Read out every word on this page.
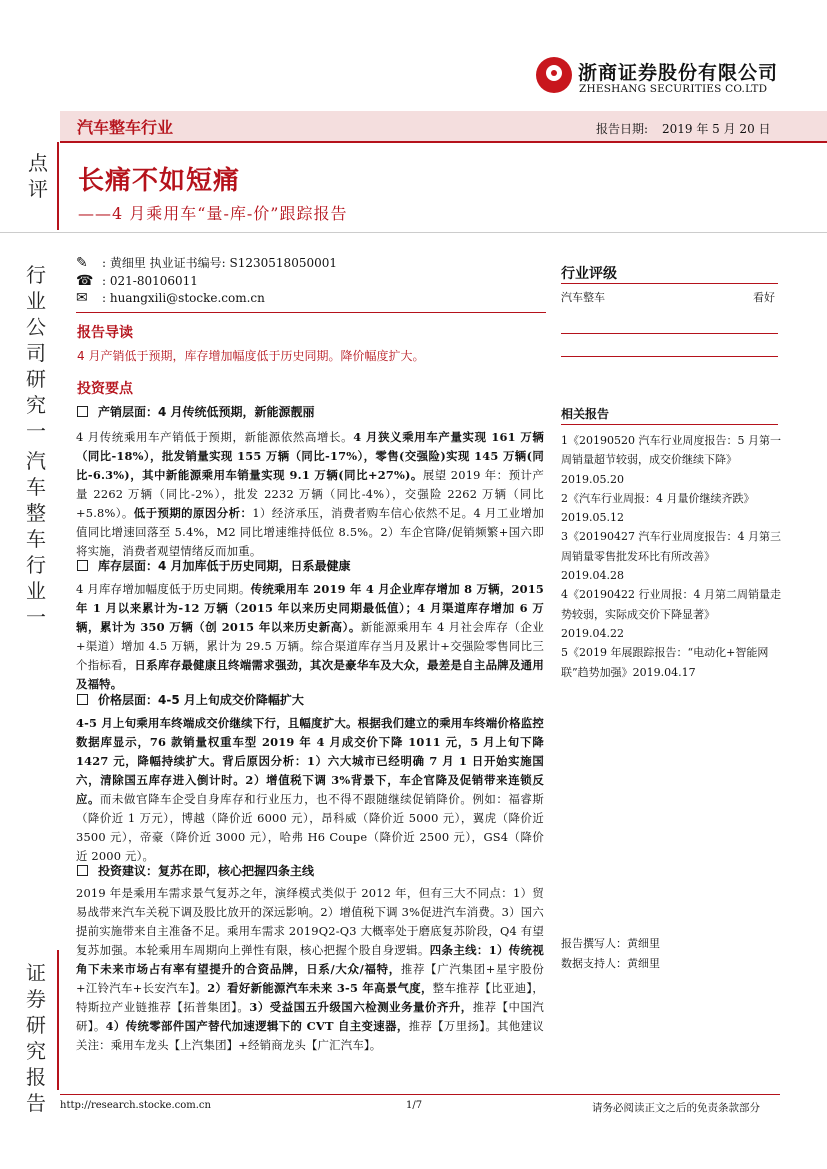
浙商证券股份有限公司
ZHESHANG SECURITIES CO.LTD
汽车整车行业	报告日期: 2019 年 5 月 20 日
点
评
行
业
公
司
研
究
一
汽
车
整
车
行
业
一
证
券
研
究
报
告
长痛不如短痛
——4 月乘用车“量-库-价”跟踪报告
✎ : 黄细里 执业证书编号: S1230518050001
☎ : 021-80106011
✉ : huangxili@stocke.com.cn
行业评级
汽车整车	看好
报告导读
4 月产销低于预期，库存增加幅度低于历史同期。降价幅度扩大。
投资要点
产销层面：4 月传统低预期，新能源靓丽
4 月传统乘用车产销低于预期，新能源依然高增长。4 月狭义乘用车产量实现 161 万辆（同比-18%），批发销量实现 155 万辆（同比-17%），零售(交强险)实现 145 万辆(同比-6.3%)，其中新能源乘用车销量实现 9.1 万辆(同比+27%)。展望 2019 年：预计产量 2262 万辆（同比-2%），批发 2232 万辆（同比-4%），交强险 2262 万辆（同比+5.8%）。低于预期的原因分析：1）经济承压，消费者购车信心依然不足。4 月工业增加值同比增速回落至 5.4%，M2 同比增速维持低位 8.5%。2）车企官降/促销频繁+国六即将实施，消费者观望情绪反而加重。
库存层面：4 月加库低于历史同期，日系最健康
4 月库存增加幅度低于历史同期。传统乘用车 2019 年 4 月企业库存增加 8 万辆，2015 年 1 月以来累计为-12 万辆（2015 年以来历史同期最低值）；4 月渠道库存增加 6 万辆，累计为 350 万辆（创 2015 年以来历史新高）。新能源乘用车 4 月社会库存（企业+渠道）增加 4.5 万辆，累计为 29.5 万辆。综合渠道库存当月及累计+交强险零售同比三个指标看，日系库存最健康且终端需求强劲，其次是豪华车及大众，最差是自主品牌及通用及福特。
价格层面：4-5 月上旬成交价降幅扩大
4-5 月上旬乘用车终端成交价继续下行，且幅度扩大。根据我们建立的乘用车终端价格监控数据库显示，76 款销量权重车型 2019 年 4 月成交价下降 1011 元，5 月上旬下降 1427 元，降幅持续扩大。背后原因分析：1）六大城市已经明确 7 月 1 日开始实施国六，清除国五库存进入倒计时。2）增值税下调 3%背景下，车企官降及促销带来连锁反应。而未做官降车企受自身库存和行业压力，也不得不跟随继续促销降价。例如：福睿斯（降价近 1 万元），博越（降价近 6000 元），昂科威（降价近 5000 元），翼虎（降价近 3500 元），帝豪（降价近 3000 元），哈弗 H6 Coupe（降价近 2500 元），GS4（降价近 2000 元）。
投资建议：复苏在即，核心把握四条主线
2019 年是乘用车需求景气复苏之年，演绎模式类似于 2012 年，但有三大不同点：1）贸易战带来汽车关税下调及股比放开的深远影响。2）增值税下调 3%促进汽车消费。3）国六提前实施带来自主准备不足。乘用车需求 2019Q2-Q3 大概率处于磨底复苏阶段，Q4 有望复苏加强。本轮乘用车周期向上弹性有限，核心把握个股自身逻辑。四条主线：1）传统视角下未来市场占有率有望提升的合资品牌，日系/大众/福特，推荐【广汽集团+星宇股份+江铃汽车+长安汽车】。2）看好新能源汽车未来 3-5 年高景气度，整车推荐【比亚迪】，特斯拉产业链推荐【拓普集团】。3）受益国五升级国六检测业务量价齐升，推荐【中国汽研】。4）传统零部件国产替代加速逻辑下的 CVT 自主变速器，推荐【万里扬】。其他建议关注：乘用车龙头【上汽集团】+经销商龙头【广汇汽车】。
相关报告
1《20190520 汽车行业周度报告：5 月第一周销量超节较弱，成交价继续下降》
2019.05.20
2《汽车行业周报：4 月量价继续齐跌》
2019.05.12
3《20190427 汽车行业周度报告：4 月第三周销量零售批发环比有所改善》
2019.04.28
4《20190422 行业周报：4 月第二周销量走势较弱，实际成交价下降显著》
2019.04.22
5《2019 年展跟踪报告：“电动化+智能网联”趋势加强》2019.04.17
报告撰写人：黄细里
数据支持人：黄细里
http://research.stocke.com.cn	1/7	请务必阅读正文之后的免责条款部分
